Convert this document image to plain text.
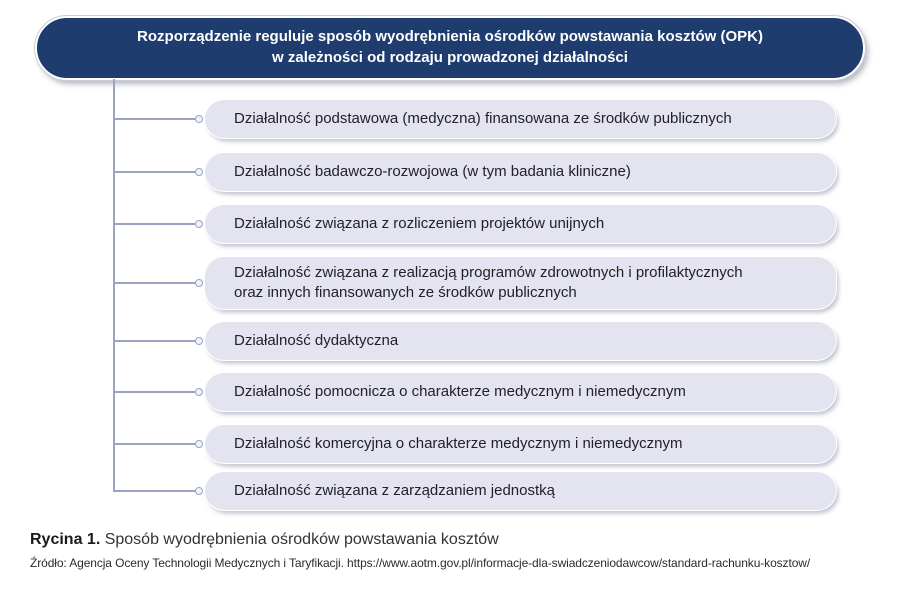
Rozporządzenie reguluje sposób wyodrębnienia ośrodków powstawania kosztów (OPK)
w zależności od rodzaju prowadzonej działalności
Działalność podstawowa (medyczna) finansowana ze środków publicznych
Działalność badawczo-rozwojowa (w tym badania kliniczne)
Działalność związana z rozliczeniem projektów unijnych
Działalność związana z realizacją programów zdrowotnych i profilaktycznych
oraz innych finansowanych ze środków publicznych
Działalność dydaktyczna
Działalność pomocnicza o charakterze medycznym i niemedycznym
Działalność komercyjna o charakterze medycznym i niemedycznym
Działalność związana z zarządzaniem jednostką
Rycina 1. Sposób wyodrębnienia ośrodków powstawania kosztów
Źródło: Agencja Oceny Technologii Medycznych i Taryfikacji. https://www.aotm.gov.pl/informacje-dla-swiadczeniodawcow/standard-rachunku-kosztow/
